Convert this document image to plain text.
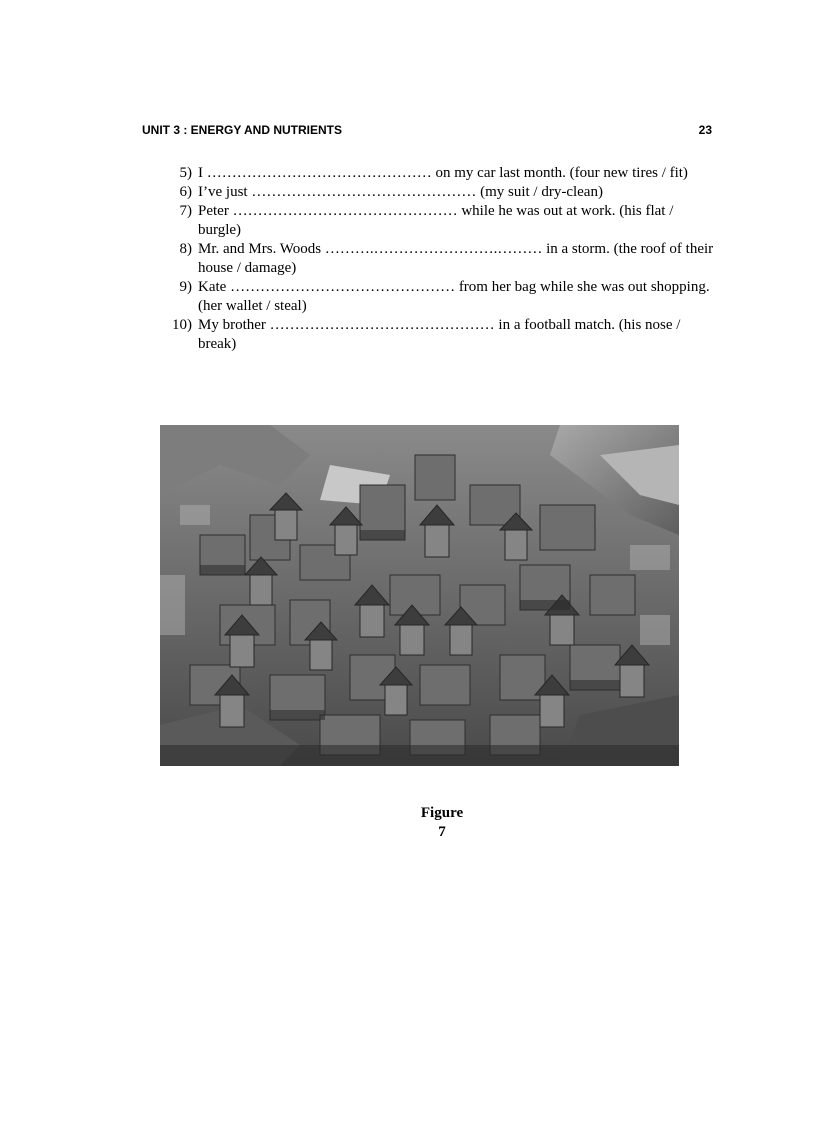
UNIT 3 : ENERGY AND NUTRIENTS	23
5) I ……………………………………… on my car last month. (four new tires / fit)
6) I’ve just ……………………………………… (my suit / dry-clean)
7) Peter ……………………………………… while he was out at work. (his flat / burgle)
8) Mr. and Mrs. Woods ……….…………………….……… in a storm. (the roof of their house / damage)
9) Kate ……………………………………… from her bag while she was out shopping. (her wallet / steal)
10) My brother ……………………………………… in a football match. (his nose / break)
Figure
7
